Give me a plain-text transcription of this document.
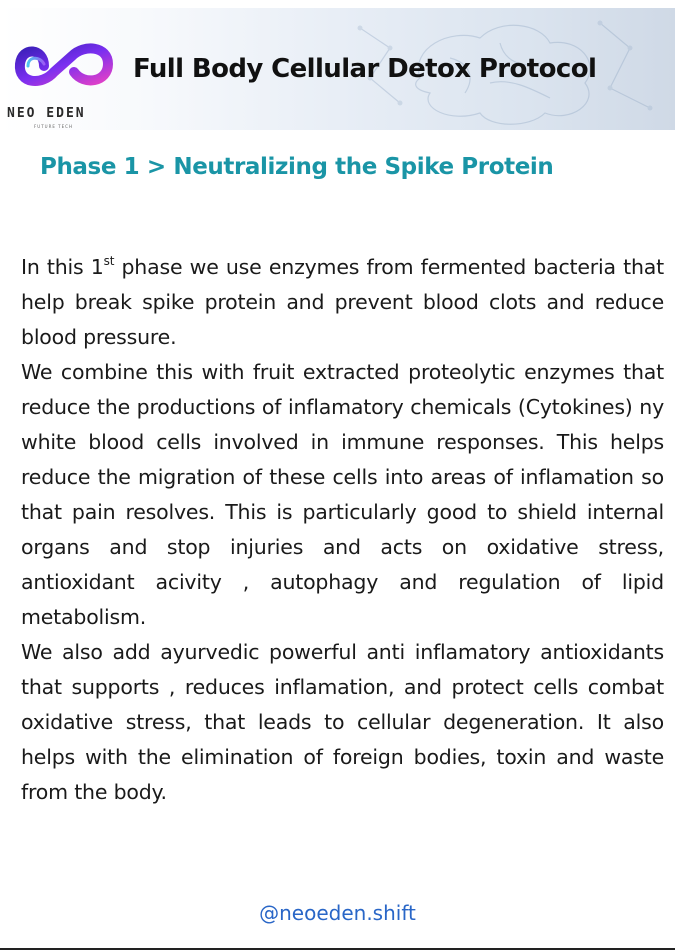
NEO EDEN
FUTURE TECH
Full Body Cellular Detox Protocol
Phase 1 > Neutralizing the Spike Protein

In this 1st phase we use enzymes from fermented bacteria that help break spike protein and prevent blood clots and reduce blood pressure.

We combine this with fruit extracted proteolytic enzymes that reduce the productions of inflamatory chemicals (Cytokines) ny white blood cells involved in immune responses. This helps reduce the migration of these cells into areas of inflamation so that pain resolves. This is particularly good to shield internal organs and stop injuries and acts on oxidative stress, antioxidant acivity , autophagy and regulation of lipid metabolism.

We also add ayurvedic powerful anti inflamatory antioxidants that supports , reduces inflamation, and protect cells combat oxidative stress, that leads to cellular degeneration. It also helps with the elimination of foreign bodies, toxin and waste from the body.

@neoeden.shift
